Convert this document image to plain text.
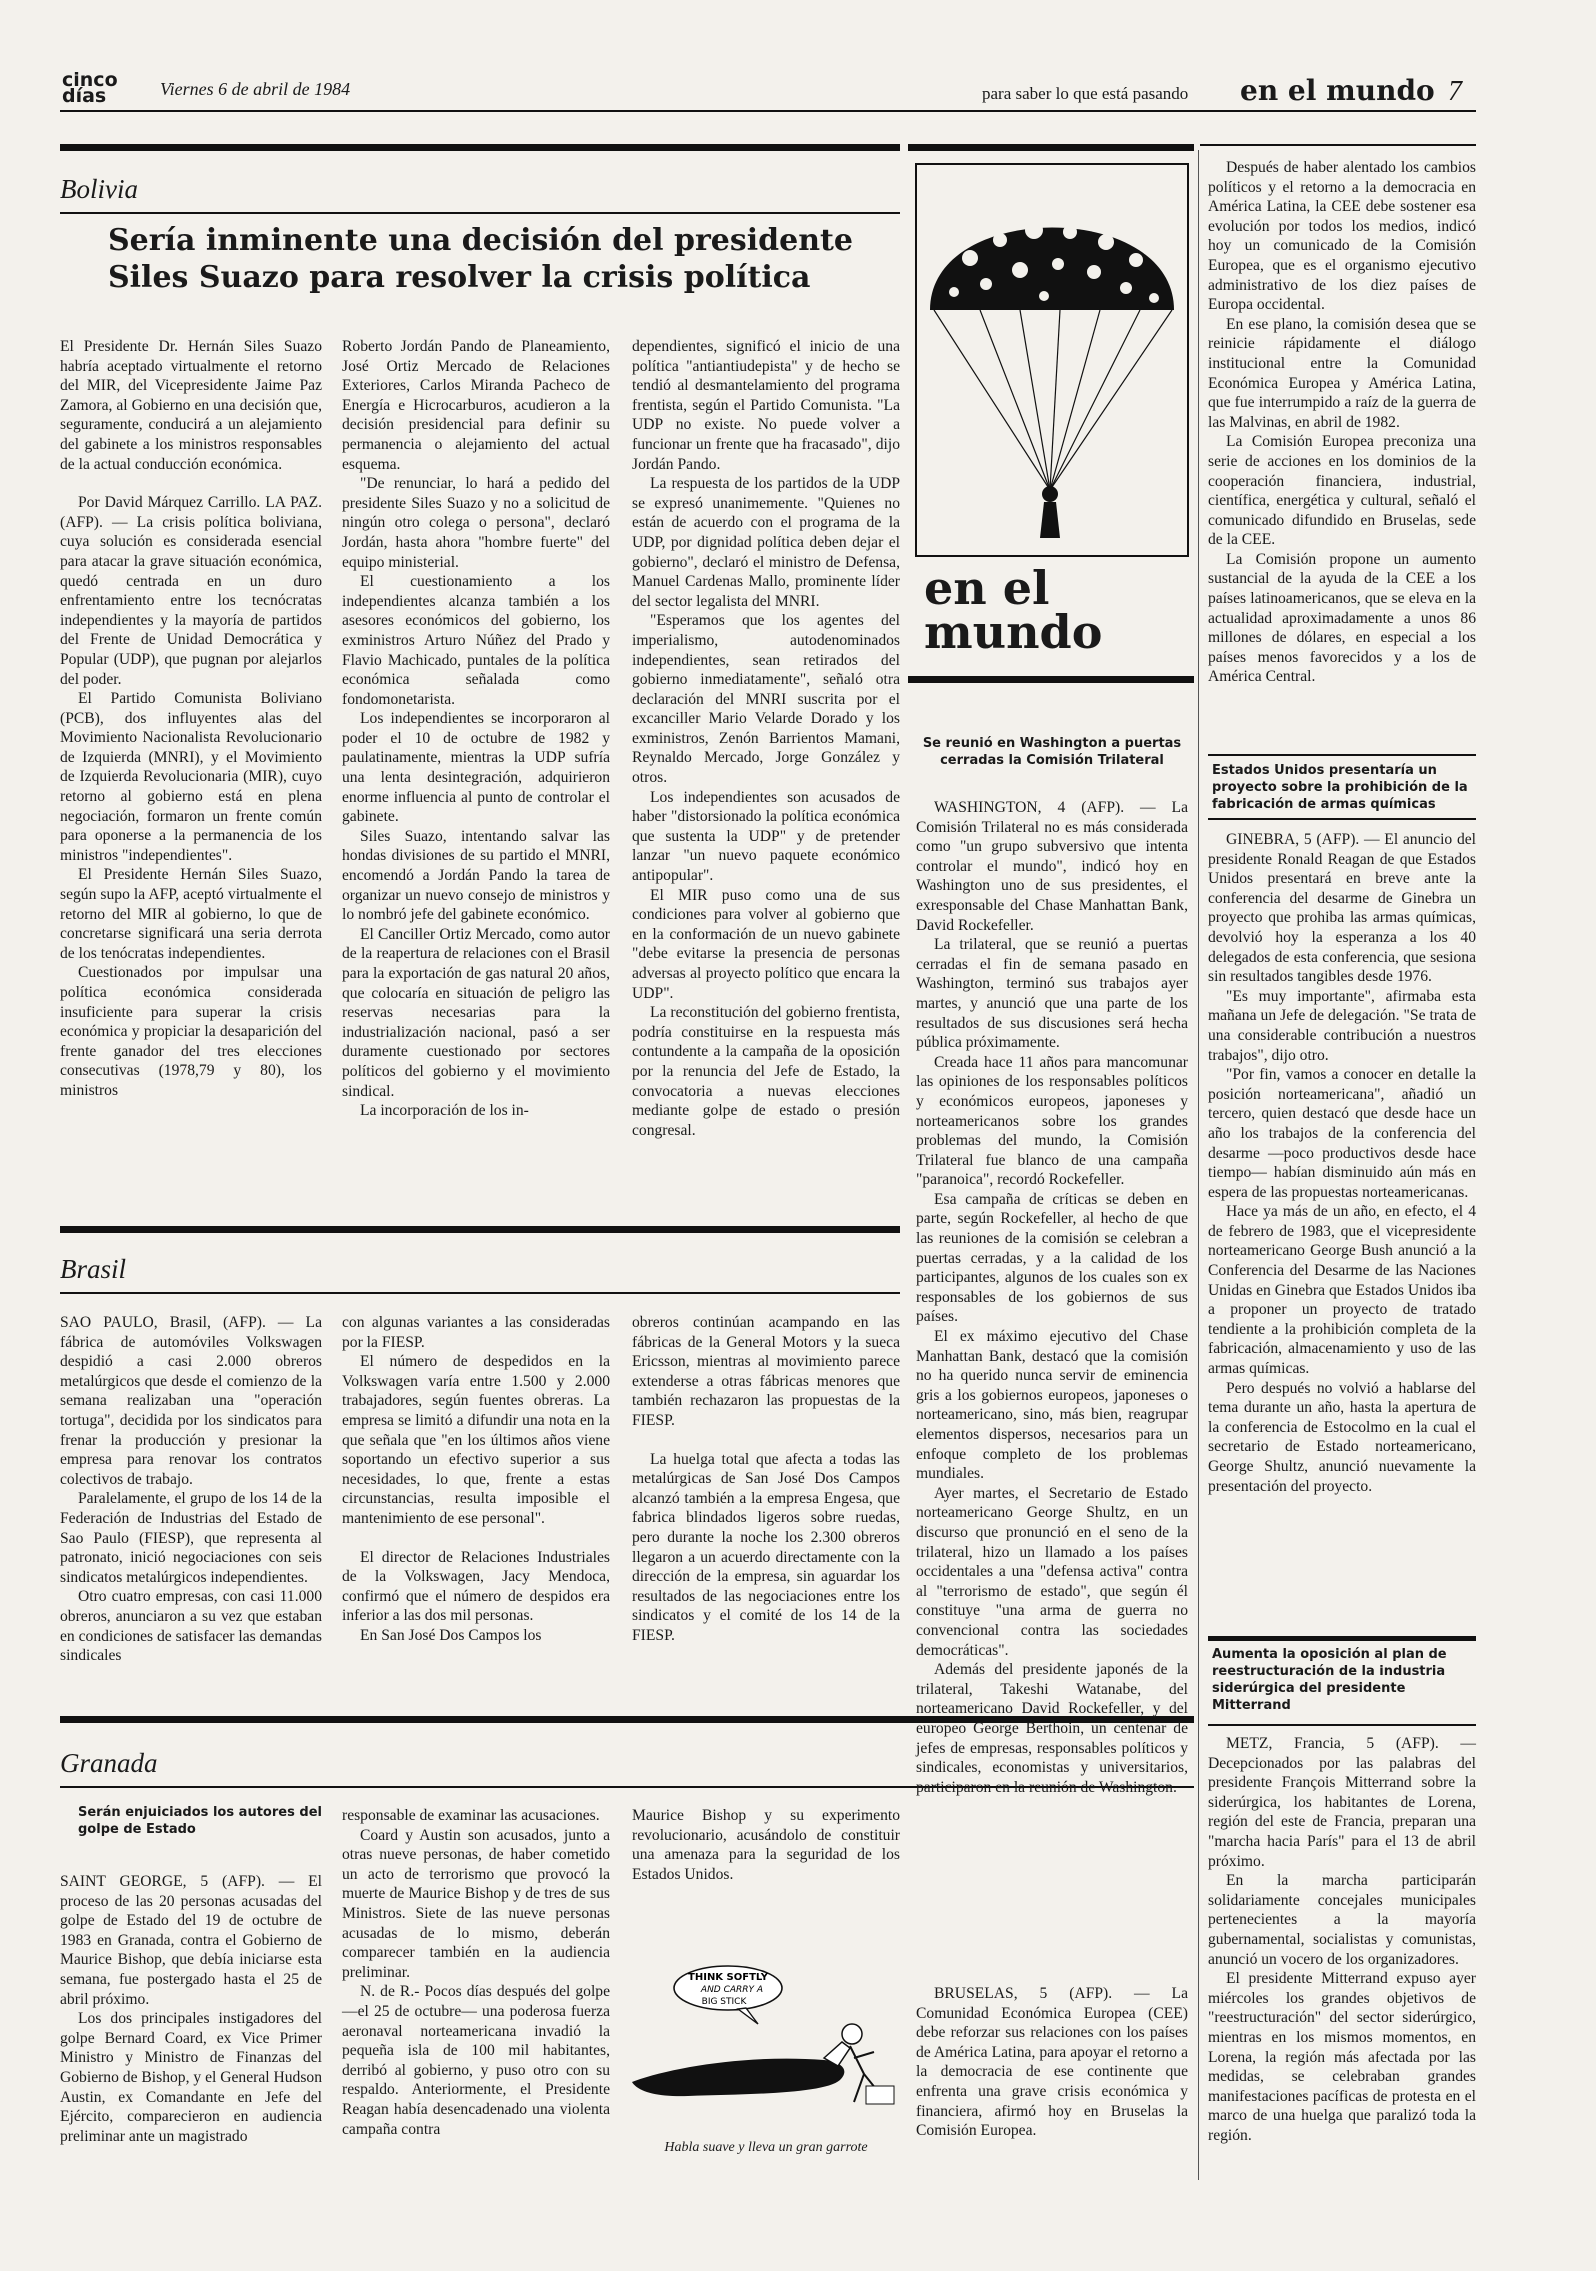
cinco días	Viernes 6 de abril de 1984	para saber lo que está pasando en el mundo 7
Bolivia
Sería inminente una decisión del presidente
Siles Suazo para resolver la crisis política

El Presidente Dr. Hernán Siles Suazo habría aceptado virtualmente el retorno del MIR, del Vicepresidente Jaime Paz Zamora, al Gobierno en una decisión que, seguramente, conducirá a un alejamiento del gabinete a los ministros responsables de la actual conducción económica.

Por David Márquez Carrillo. LA PAZ. (AFP). — La crisis política boliviana, cuya solución es considerada esencial para atacar la grave situación económica, quedó centrada en un duro enfrentamiento entre los tecnócratas independientes y la mayoría de partidos del Frente de Unidad Democrática y Popular (UDP), que pugnan por alejarlos del poder.

El Partido Comunista Boliviano (PCB), dos influyentes alas del Movimiento Nacionalista Revolucionario de Izquierda (MNRI), y el Movimiento de Izquierda Revolucionaria (MIR), cuyo retorno al gobierno está en plena negociación, formaron un frente común para oponerse a la permanencia de los ministros "independientes".

El Presidente Hernán Siles Suazo, según supo la AFP, aceptó virtualmente el retorno del MIR al gobierno, lo que de concretarse significará una seria derrota de los tenócratas independientes.

Cuestionados por impulsar una política económica considerada insuficiente para superar la crisis económica y propiciar la desaparición del frente ganador del tres elecciones consecutivas (1978,79 y 80), los ministros

Roberto Jordán Pando de Planeamiento, José Ortiz Mercado de Relaciones Exteriores, Carlos Miranda Pacheco de Energía e Hicrocarburos, acudieron a la decisión presidencial para definir su permanencia o alejamiento del actual esquema.

"De renunciar, lo hará a pedido del presidente Siles Suazo y no a solicitud de ningún otro colega o persona", declaró Jordán, hasta ahora "hombre fuerte" del equipo ministerial.

El cuestionamiento a los independientes alcanza también a los asesores económicos del gobierno, los exministros Arturo Núñez del Prado y Flavio Machicado, puntales de la política económica señalada como fondomonetarista.

Los independientes se incorporaron al poder el 10 de octubre de 1982 y paulatinamente, mientras la UDP sufría una lenta desintegración, adquirieron enorme influencia al punto de controlar el gabinete.

Siles Suazo, intentando salvar las hondas divisiones de su partido el MNRI, encomendó a Jordán Pando la tarea de organizar un nuevo consejo de ministros y lo nombró jefe del gabinete económico.

El Canciller Ortiz Mercado, como autor de la reapertura de relaciones con el Brasil para la exportación de gas natural 20 años, que colocaría en situación de peligro las reservas necesarias para la industrialización nacional, pasó a ser duramente cuestionado por sectores políticos del gobierno y el movimiento sindical.

La incorporación de los in-

dependientes, significó el inicio de una política "antiantiudepista" y de hecho se tendió al desmantelamiento del programa frentista, según el Partido Comunista. "La UDP no existe. No puede volver a funcionar un frente que ha fracasado", dijo Jordán Pando.

La respuesta de los partidos de la UDP se expresó unanimemente. "Quienes no están de acuerdo con el programa de la UDP, por dignidad política deben dejar el gobierno", declaró el ministro de Defensa, Manuel Cardenas Mallo, prominente líder del sector legalista del MNRI.

"Esperamos que los agentes del imperialismo, autodenominados independientes, sean retirados del gobierno inmediatamente", señaló otra declaración del MNRI suscrita por el excanciller Mario Velarde Dorado y los exministros, Zenón Barrientos Mamani, Reynaldo Mercado, Jorge González y otros.

Los independientes son acusados de haber "distorsionado la política económica que sustenta la UDP" y de pretender lanzar "un nuevo paquete económico antipopular".

El MIR puso como una de sus condiciones para volver al gobierno que en la conformación de un nuevo gabinete "debe evitarse la presencia de personas adversas al proyecto político que encara la UDP".

La reconstitución del gobierno frentista, podría constituirse en la respuesta más contundente a la campaña de la oposición por la renuncia del Jefe de Estado, la convocatoria a nuevas elecciones mediante golpe de estado o presión congresal.

Brasil

SAO PAULO, Brasil, (AFP). — La fábrica de automóviles Volkswagen despidió a casi 2.000 obreros metalúrgicos que desde el comienzo de la semana realizaban una "operación tortuga", decidida por los sindicatos para frenar la producción y presionar la empresa para renovar los contratos colectivos de trabajo.

Paralelamente, el grupo de los 14 de la Federación de Industrias del Estado de Sao Paulo (FIESP), que representa al patronato, inició negociaciones con seis sindicatos metalúrgicos independientes.

Otro cuatro empresas, con casi 11.000 obreros, anunciaron a su vez que estaban en condiciones de satisfacer las demandas sindicales

con algunas variantes a las consideradas por la FIESP.

El número de despedidos en la Volkswagen varía entre 1.500 y 2.000 trabajadores, según fuentes obreras. La empresa se limitó a difundir una nota en la que señala que "en los últimos años viene soportando un efectivo superior a sus necesidades, lo que, frente a estas circunstancias, resulta imposible el mantenimiento de ese personal".

El director de Relaciones Industriales de la Volkswagen, Jacy Mendoca, confirmó que el número de despidos era inferior a las dos mil personas.

En San José Dos Campos los

obreros continúan acampando en las fábricas de la General Motors y la sueca Ericsson, mientras al movimiento parece extenderse a otras fábricas menores que también rechazaron las propuestas de la FIESP.

La huelga total que afecta a todas las metalúrgicas de San José Dos Campos alcanzó también a la empresa Engesa, que fabrica blindados ligeros sobre ruedas, pero durante la noche los 2.300 obreros llegaron a un acuerdo directamente con la dirección de la empresa, sin aguardar los resultados de las negociaciones entre los sindicatos y el comité de los 14 de la FIESP.

Granada
Serán enjuiciados los autores del golpe de Estado

SAINT GEORGE, 5 (AFP). — El proceso de las 20 personas acusadas del golpe de Estado del 19 de octubre de 1983 en Granada, contra el Gobierno de Maurice Bishop, que debía iniciarse esta semana, fue postergado hasta el 25 de abril próximo.

Los dos principales instigadores del golpe Bernard Coard, ex Vice Primer Ministro y Ministro de Finanzas del Gobierno de Bishop, y el General Hudson Austin, ex Comandante en Jefe del Ejército, comparecieron en audiencia preliminar ante un magistrado

responsable de examinar las acusaciones.

Coard y Austin son acusados, junto a otras nueve personas, de haber cometido un acto de terrorismo que provocó la muerte de Maurice Bishop y de tres de sus Ministros. Siete de las nueve personas acusadas de lo mismo, deberán comparecer también en la audiencia preliminar.

N. de R.- Pocos días después del golpe —el 25 de octubre— una poderosa fuerza aeronaval norteamericana invadió la pequeña isla de 100 mil habitantes, derribó al gobierno, y puso otro con su respaldo. Anteriormente, el Presidente Reagan había desencadenado una violenta campaña contra

Maurice Bishop y su experimento revolucionario, acusándolo de constituir una amenaza para la seguridad de los Estados Unidos.

THINK SOFTLY
AND CARRY A
BIG STICK
Habla suave y lleva un gran garrote
en el
mundo
Se reunió en Washington a puertas cerradas la Comisión Trilateral

WASHINGTON, 4 (AFP). — La Comisión Trilateral no es más considerada como "un grupo subversivo que intenta controlar el mundo", indicó hoy en Washington uno de sus presidentes, el exresponsable del Chase Manhattan Bank, David Rockefeller.

La trilateral, que se reunió a puertas cerradas el fin de semana pasado en Washington, terminó sus trabajos ayer martes, y anunció que una parte de los resultados de sus discusiones será hecha pública próximamente.

Creada hace 11 años para mancomunar las opiniones de los responsables políticos y económicos europeos, japoneses y norteamericanos sobre los grandes problemas del mundo, la Comisión Trilateral fue blanco de una campaña "paranoica", recordó Rockefeller.

Esa campaña de críticas se deben en parte, según Rockefeller, al hecho de que las reuniones de la comisión se celebran a puertas cerradas, y a la calidad de los participantes, algunos de los cuales son ex responsables de los gobiernos de sus países.

El ex máximo ejecutivo del Chase Manhattan Bank, destacó que la comisión no ha querido nunca servir de eminencia gris a los gobiernos europeos, japoneses o norteamericano, sino, más bien, reagrupar elementos dispersos, necesarios para un enfoque completo de los problemas mundiales.

Ayer martes, el Secretario de Estado norteamericano George Shultz, en un discurso que pronunció en el seno de la trilateral, hizo un llamado a los países occidentales a una "defensa activa" contra al "terrorismo de estado", que según él constituye "una arma de guerra no convencional contra las sociedades democráticas".

Además del presidente japonés de la trilateral, Takeshi Watanabe, del norteamericano David Rockefeller, y del europeo George Berthoin, un centenar de jefes de empresas, responsables políticos y sindicales, economistas y universitarios, participaron en la reunión de Washington.

BRUSELAS, 5 (AFP). — La Comunidad Económica Europea (CEE) debe reforzar sus relaciones con los países de América Latina, para apoyar el retorno a la democracia de ese continente que enfrenta una grave crisis económica y financiera, afirmó hoy en Bruselas la Comisión Europea.

Después de haber alentado los cambios políticos y el retorno a la democracia en América Latina, la CEE debe sostener esa evolución por todos los medios, indicó hoy un comunicado de la Comisión Europea, que es el organismo ejecutivo administrativo de los diez países de Europa occidental.

En ese plano, la comisión desea que se reinicie rápidamente el diálogo institucional entre la Comunidad Económica Europea y América Latina, que fue interrumpido a raíz de la guerra de las Malvinas, en abril de 1982.

La Comisión Europea preconiza una serie de acciones en los dominios de la cooperación financiera, industrial, científica, energética y cultural, señaló el comunicado difundido en Bruselas, sede de la CEE.

La Comisión propone un aumento sustancial de la ayuda de la CEE a los países latinoamericanos, que se eleva en la actualidad aproximadamente a unos 86 millones de dólares, en especial a los países menos favorecidos y a los de América Central.

Estados Unidos presentaría un proyecto sobre la prohibición de la fabricación de armas químicas

GINEBRA, 5 (AFP). — El anuncio del presidente Ronald Reagan de que Estados Unidos presentará en breve ante la conferencia del desarme de Ginebra un proyecto que prohiba las armas químicas, devolvió hoy la esperanza a los 40 delegados de esta conferencia, que sesiona sin resultados tangibles desde 1976.

"Es muy importante", afirmaba esta mañana un Jefe de delegación. "Se trata de una considerable contribución a nuestros trabajos", dijo otro.

"Por fin, vamos a conocer en detalle la posición norteamericana", añadió un tercero, quien destacó que desde hace un año los trabajos de la conferencia del desarme —poco productivos desde hace tiempo— habían disminuido aún más en espera de las propuestas norteamericanas.

Hace ya más de un año, en efecto, el 4 de febrero de 1983, que el vicepresidente norteamericano George Bush anunció a la Conferencia del Desarme de las Naciones Unidas en Ginebra que Estados Unidos iba a proponer un proyecto de tratado tendiente a la prohibición completa de la fabricación, almacenamiento y uso de las armas químicas.

Pero después no volvió a hablarse del tema durante un año, hasta la apertura de la conferencia de Estocolmo en la cual el secretario de Estado norteamericano, George Shultz, anunció nuevamente la presentación del proyecto.

Aumenta la oposición al plan de reestructuración de la industria siderúrgica del presidente Mitterrand

METZ, Francia, 5 (AFP). — Decepcionados por las palabras del presidente François Mitterrand sobre la siderúrgica, los habitantes de Lorena, región del este de Francia, preparan una "marcha hacia París" para el 13 de abril próximo.

En la marcha participarán solidariamente concejales municipales pertenecientes a la mayoría gubernamental, socialistas y comunistas, anunció un vocero de los organizadores.

El presidente Mitterrand expuso ayer miércoles los grandes objetivos de "reestructuración" del sector siderúrgico, mientras en los mismos momentos, en Lorena, la región más afectada por las medidas, se celebraban grandes manifestaciones pacíficas de protesta en el marco de una huelga que paralizó toda la región.
